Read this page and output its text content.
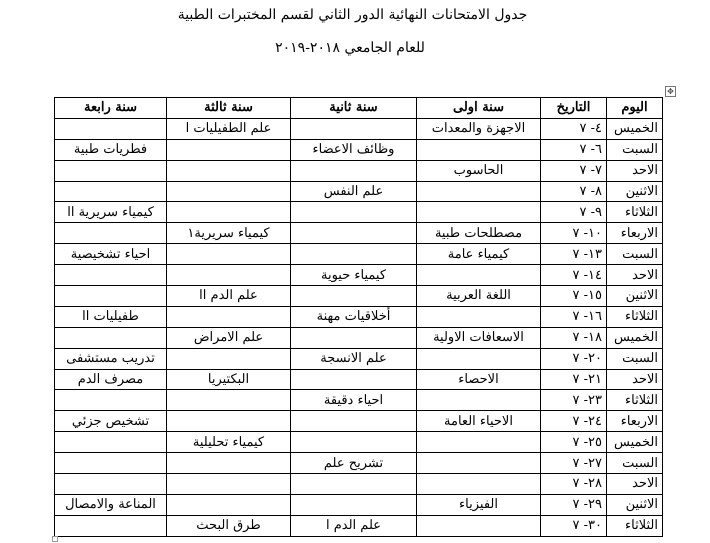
جدول الامتحانات النهائية الدور الثاني لقسم المختبرات الطبية
للعام الجامعي ٢٠١٨-٢٠١٩
✥
اليوم	التاريخ	سنة اولى	سنة ثانية	سنة ثالثة	سنة رابعة
الخميس	٤- ٧	الاجهزة والمعدات		علم الطفيليات ا	
السبت	٦- ٧		وظائف الاعضاء		فطريات طبية
الاحد	٧- ٧	الحاسوب			
الاثنين	٨- ٧		علم النفس		
الثلاثاء	٩- ٧				كيمياء سريرية اا
الاربعاء	١٠- ٧	مصطلحات طبية		كيمياء سريرية١	
السبت	١٣- ٧	كيمياء عامة			احياء تشخيصية
الاحد	١٤- ٧		كيمياء حيوية		
الاثنين	١٥- ٧	اللغة العربية		علم الدم اا	
الثلاثاء	١٦- ٧		أخلاقيات مهنة		طفيليات اا
الخميس	١٨- ٧	الاسعافات الاولية		علم الامراض	
السبت	٢٠- ٧		علم الانسجة		تدريب مستشفى
الاحد	٢١- ٧	الاحصاء		البكتيريا	مصرف الدم
الثلاثاء	٢٣- ٧		احياء دقيقة		
الاربعاء	٢٤- ٧	الاحياء العامة			تشخيص جزئي
الخميس	٢٥- ٧			كيمياء تحليلية	
السبت	٢٧- ٧		تشريح علم		
الاحد	٢٨- ٧				
الاثنين	٢٩- ٧	الفيزياء			المناعة والامصال
الثلاثاء	٣٠- ٧		علم الدم ا	طرق البحث	
